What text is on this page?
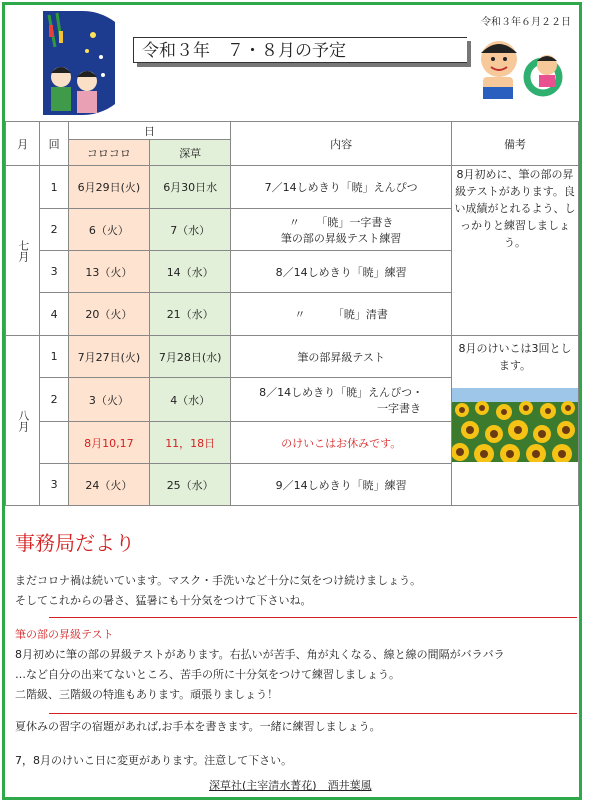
令和３年６月２２日
令和３年　７・８月の予定
月	回	日		内容	備考
		コロコロ	深草		
七月	1	6月29日(火)	6月30日水	7／14しめきり「暁」えんぴつ	8月初めに、筆の部の昇級テストがあります。良い成績がとれるよう、しっかりと練習しましょう。
	2	6（火）	7（水）	〃　　「暁」一字書き
筆の部の昇級テスト練習	

	3	13（火）	14（水）	8／14しめきり「暁」練習	
	4	20（火）	21（水）	〃　　　「暁」清書	
八月	1	7月27日(火)	7月28日(水)	筆の部昇級テスト	8月のけいこは3回とします。

	2	3（火）	4（水）	8／14しめきり「暁」えんぴつ・
一字書き	

		8月10,17	11，18日	のけいこはお休みです。	
	3	24（火）	25（水）	9／14しめきり「暁」練習	
事務局だより
まだコロナ禍は続いています。マスク・手洗いなど十分に気をつけ続けましょう。
そしてこれからの暑さ、猛暑にも十分気をつけて下さいね。
筆の部の昇級テスト
8月初めに筆の部の昇級テストがあります。右払いが苦手、角が丸くなる、線と線の間隔がバラバラ
…など自分の出来てないところ、苦手の所に十分気をつけて練習しましょう。
二階級、三階級の特進もあります。頑張りましょう！
夏休みの習字の宿題があれば,お手本を書きます。一緒に練習しましょう。
7，8月のけいこ日に変更があります。注意して下さい。
深草社(主宰清水菁花)　酒井葉風
